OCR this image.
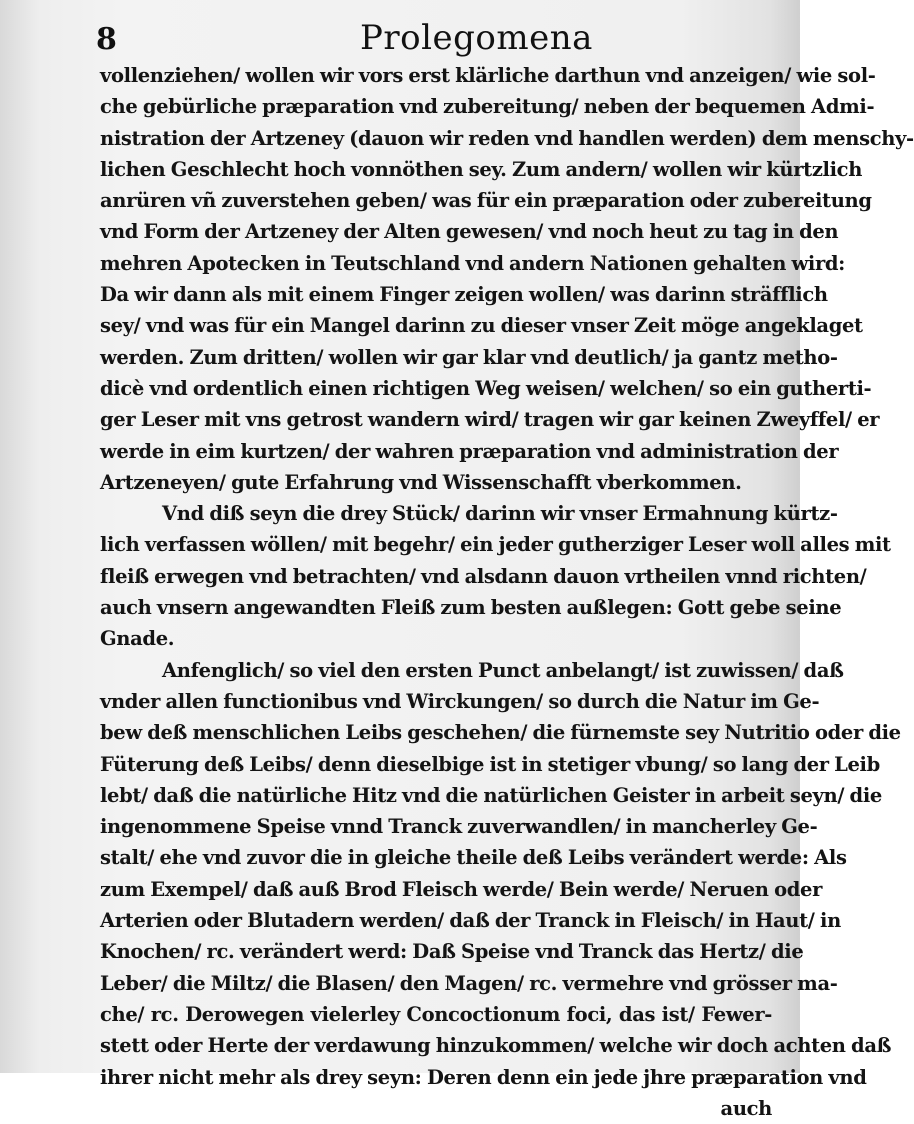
8	Prolegomena
vollenziehen/ wollen wir vors erst klärliche darthun vnd anzeigen/ wie sol-
che gebürliche præparation vnd zubereitung/ neben der bequemen Admi-
nistration der Artzeney (dauon wir reden vnd handlen werden) dem menschy-
lichen Geschlecht hoch vonnöthen sey. Zum andern/ wollen wir kürtzlich
anrüren vñ zuverstehen geben/ was für ein præparation oder zubereitung
vnd Form der Artzeney der Alten gewesen/ vnd noch heut zu tag in den
mehren Apotecken in Teutschland vnd andern Nationen gehalten wird:
Da wir dann als mit einem Finger zeigen wollen/ was darinn sträfflich
sey/ vnd was für ein Mangel darinn zu dieser vnser Zeit möge angeklaget
werden. Zum dritten/ wollen wir gar klar vnd deutlich/ ja gantz metho-
dicè vnd ordentlich einen richtigen Weg weisen/ welchen/ so ein gutherti-
ger Leser mit vns getrost wandern wird/ tragen wir gar keinen Zweyffel/ er
werde in eim kurtzen/ der wahren præparation vnd administration der
Artzeneyen/ gute Erfahrung vnd Wissenschafft vberkommen.
Vnd diß seyn die drey Stück/ darinn wir vnser Ermahnung kürtz-
lich verfassen wöllen/ mit begehr/ ein jeder gutherziger Leser woll alles mit
fleiß erwegen vnd betrachten/ vnd alsdann dauon vrtheilen vnnd richten/
auch vnsern angewandten Fleiß zum besten außlegen: Gott gebe seine
Gnade.
Anfenglich/ so viel den ersten Punct anbelangt/ ist zuwissen/ daß
vnder allen functionibus vnd Wirckungen/ so durch die Natur im Ge-
bew deß menschlichen Leibs geschehen/ die fürnemste sey Nutritio oder die
Füterung deß Leibs/ denn dieselbige ist in stetiger vbung/ so lang der Leib
lebt/ daß die natürliche Hitz vnd die natürlichen Geister in arbeit seyn/ die
ingenommene Speise vnnd Tranck zuverwandlen/ in mancherley Ge-
stalt/ ehe vnd zuvor die in gleiche theile deß Leibs verändert werde: Als
zum Exempel/ daß auß Brod Fleisch werde/ Bein werde/ Neruen oder
Arterien oder Blutadern werden/ daß der Tranck in Fleisch/ in Haut/ in
Knochen/ rc. verändert werd: Daß Speise vnd Tranck das Hertz/ die
Leber/ die Miltz/ die Blasen/ den Magen/ rc. vermehre vnd grösser ma-
che/ rc. Derowegen vielerley Concoctionum foci, das ist/ Fewer-
stett oder Herte der verdawung hinzukommen/ welche wir doch achten daß
ihrer nicht mehr als drey seyn: Deren denn ein jede jhre præparation vnd
auch
